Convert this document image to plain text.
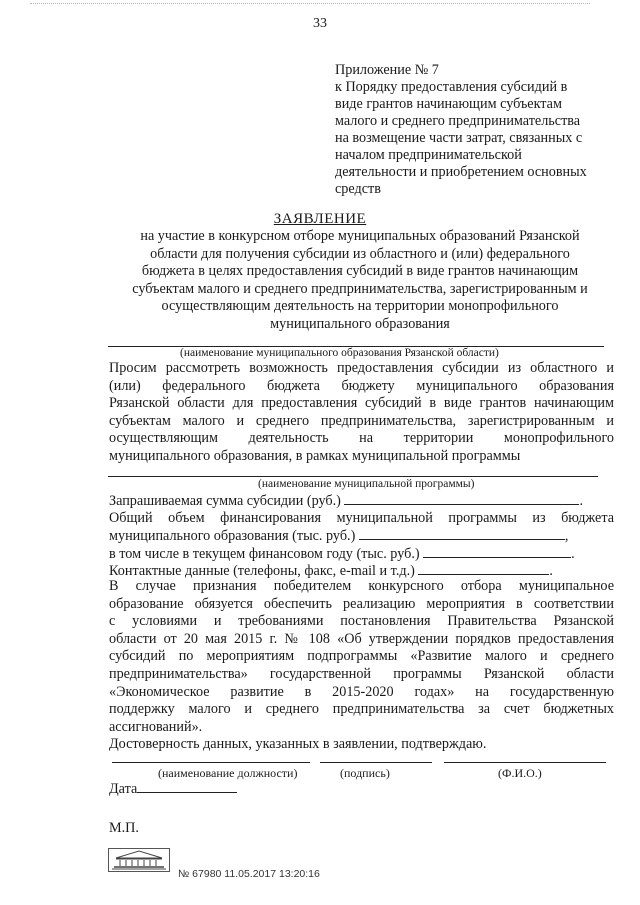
33
Приложение № 7
к Порядку предоставления субсидий в
виде грантов начинающим субъектам
малого и среднего предпринимательства
на возмещение части затрат, связанных с
началом предпринимательской
деятельности и приобретением основных
средств
ЗАЯВЛЕНИЕ
на участие в конкурсном отборе муниципальных образований Рязанской
области для получения субсидии из областного и (или) федерального
бюджета в целях предоставления субсидий в виде грантов начинающим
субъектам малого и среднего предпринимательства, зарегистрированным и
осуществляющим деятельность на территории монопрофильного
муниципального образования
(наименование муниципального образования Рязанской области)
Просим рассмотреть возможность предоставления субсидии из областного и
(или) федерального бюджета бюджету муниципального образования
Рязанской области для предоставления субсидий в виде грантов начинающим
субъектам малого и среднего предпринимательства, зарегистрированным и
осуществляющим деятельность на территории монопрофильного
муниципального образования, в рамках муниципальной программы
(наименование муниципальной программы)
Запрашиваемая сумма субсидии (руб.)	.
Общий объем финансирования муниципальной программы из бюджета
муниципального образования (тыс. руб.)	,
в том числе в текущем финансовом году (тыс. руб.)	.
Контактные данные (телефоны, факс, e-mail и т.д.)	.
В случае признания победителем конкурсного отбора муниципальное
образование обязуется обеспечить реализацию мероприятия в соответствии
с условиями и требованиями постановления Правительства Рязанской
области от 20 мая 2015 г. № 108 «Об утверждении порядков предоставления
субсидий по мероприятиям подпрограммы «Развитие малого и среднего
предпринимательства» государственной программы Рязанской области
«Экономическое развитие в 2015-2020 годах» на государственную
поддержку малого и среднего предпринимательства за счет бюджетных
ассигнований».
Достоверность данных, указанных в заявлении, подтверждаю.
(наименование должности)	(подпись)	(Ф.И.О.)
Дата
М.П.
№ 67980 11.05.2017 13:20:16
